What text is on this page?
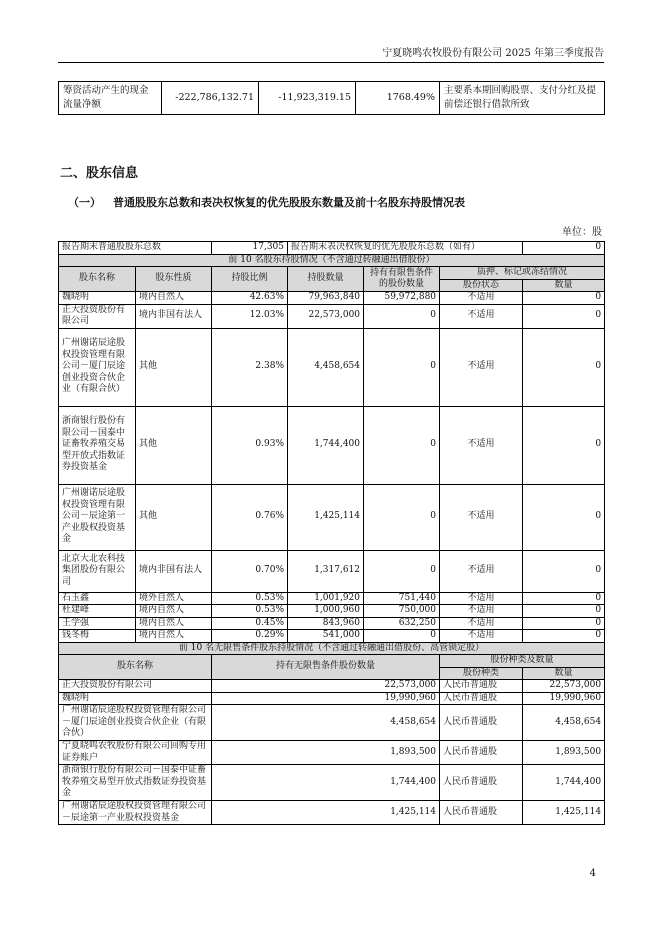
宁夏晓鸣农牧股份有限公司 2025 年第三季度报告
筹资活动产生的现金流量净额	-222,786,132.71	-11,923,319.15	1768.49%	主要系本期回购股票、支付分红及提前偿还银行借款所致
二、股东信息
（一） 普通股股东总数和表决权恢复的优先股股东数量及前十名股东持股情况表
单位：股
报告期末普通股股东总数		17,305	报告期末表决权恢复的优先股股东总数（如有）			0
前 10 名股东持股情况（不含通过转融通出借股份）						
股东名称	股东性质	持股比例	持股数量	持有有限售条件的股份数量	质押、标记或冻结情况	
					股份状态	数量
魏晓明	境内自然人	42.63%	79,963,840	59,972,880	不适用	0
正大投资股份有限公司	境内非国有法人	12.03%	22,573,000	0	不适用	0
广州谢诺辰途股权投资管理有限公司－厦门辰途创业投资合伙企业（有限合伙）	其他	2.38%	4,458,654	0	不适用	0
浙商银行股份有限公司－国泰中证畜牧养殖交易型开放式指数证券投资基金	其他	0.93%	1,744,400	0	不适用	0
广州谢诺辰途股权投资管理有限公司－辰途第一产业股权投资基金	其他	0.76%	1,425,114	0	不适用	0
北京大北农科技集团股份有限公司	境内非国有法人	0.70%	1,317,612	0	不适用	0
石玉鑫	境外自然人	0.53%	1,001,920	751,440	不适用	0
杜建峰	境内自然人	0.53%	1,000,960	750,000	不适用	0
王学强	境内自然人	0.45%	843,960	632,250	不适用	0
钱冬梅	境内自然人	0.29%	541,000	0	不适用	0
前 10 名无限售条件股东持股情况（不含通过转融通出借股份、高管锁定股）						
股东名称		持有无限售条件股份数量			股份种类及数量	
					股份种类	数量
正大投资股份有限公司		22,573,000			人民币普通股	22,573,000
魏晓明		19,990,960			人民币普通股	19,990,960
广州谢诺辰途股权投资管理有限公司－厦门辰途创业投资合伙企业（有限合伙）		4,458,654			人民币普通股	4,458,654
宁夏晓鸣农牧股份有限公司回购专用证券账户		1,893,500			人民币普通股	1,893,500
浙商银行股份有限公司－国泰中证畜牧养殖交易型开放式指数证券投资基金		1,744,400			人民币普通股	1,744,400
广州谢诺辰途股权投资管理有限公司－辰途第一产业股权投资基金		1,425,114			人民币普通股	1,425,114
4
